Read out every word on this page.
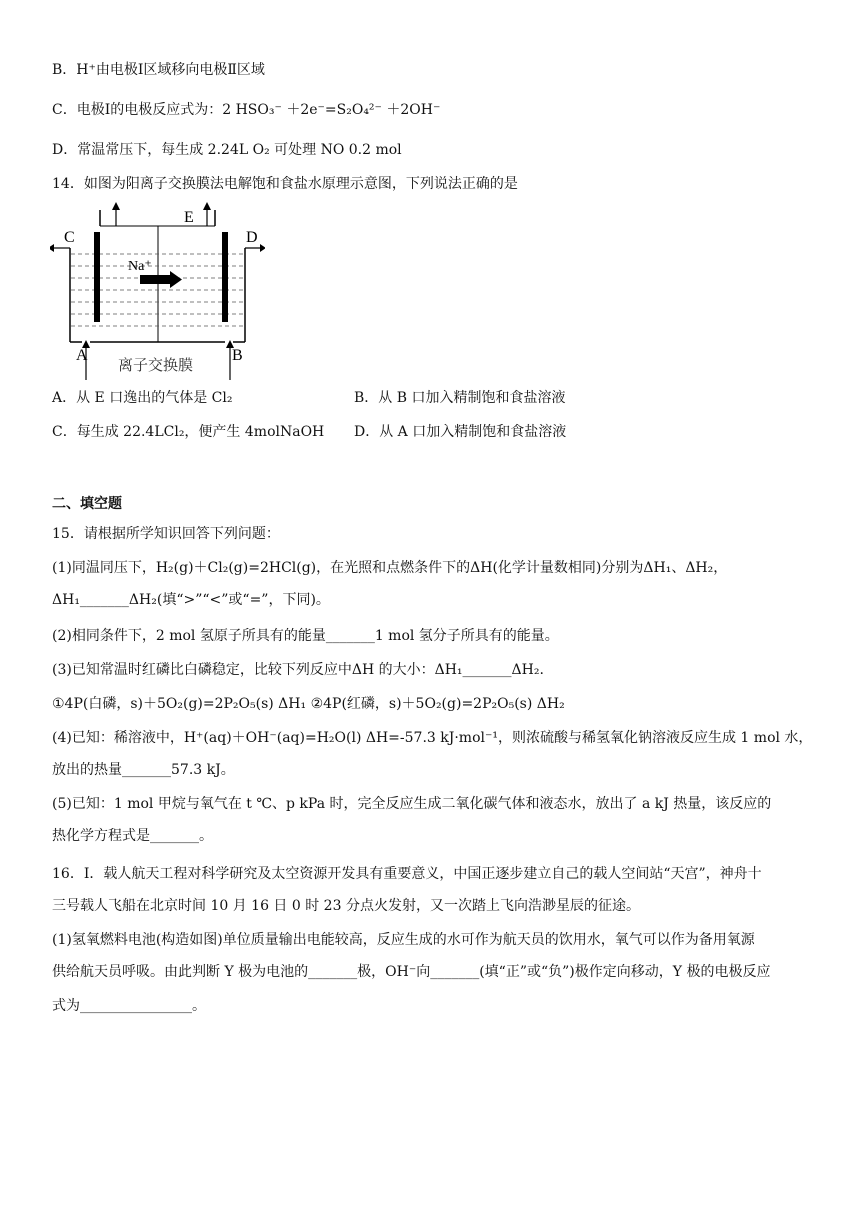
B．H⁺由电极Ⅰ区域移向电极Ⅱ区域
C．电极Ⅰ的电极反应式为：2 HSO₃⁻ ＋2e⁻=S₂O₄²⁻ ＋2OH⁻
D．常温常压下，每生成 2.24L O₂ 可处理 NO 0.2 mol
14．如图为阳离子交换膜法电解饱和食盐水原理示意图，下列说法正确的是
C	D
E
A	B
Na⁺
离子交换膜
A．从 E 口逸出的气体是 Cl₂	B．从 B 口加入精制饱和食盐溶液
C．每生成 22.4LCl₂，便产生 4molNaOH D．从 A 口加入精制饱和食盐溶液
二、填空题
15．请根据所学知识回答下列问题：
(1)同温同压下，H₂(g)＋Cl₂(g)=2HCl(g)，在光照和点燃条件下的ΔH(化学计量数相同)分别为ΔH₁、ΔH₂，
ΔH₁_______ΔH₂(填“>”“<”或“=”，下同)。
(2)相同条件下，2 mol 氢原子所具有的能量_______1 mol 氢分子所具有的能量。
(3)已知常温时红磷比白磷稳定，比较下列反应中ΔH 的大小：ΔH₁_______ΔH₂.
①4P(白磷，s)＋5O₂(g)=2P₂O₅(s) ΔH₁ ②4P(红磷，s)＋5O₂(g)=2P₂O₅(s) ΔH₂
(4)已知：稀溶液中，H⁺(aq)＋OH⁻(aq)=H₂O(l) ΔH=-57.3 kJ·mol⁻¹，则浓硫酸与稀氢氧化钠溶液反应生成 1 mol 水，
放出的热量_______57.3 kJ。
(5)已知：1 mol 甲烷与氧气在 t ℃、p kPa 时，完全反应生成二氧化碳气体和液态水，放出了 a kJ 热量，该反应的
热化学方程式是_______。
16．I．载人航天工程对科学研究及太空资源开发具有重要意义，中国正逐步建立自己的载人空间站“天宫”，神舟十
三号载人飞船在北京时间 10 月 16 日 0 时 23 分点火发射，又一次踏上飞向浩渺星辰的征途。
(1)氢氧燃料电池(构造如图)单位质量输出电能较高，反应生成的水可作为航天员的饮用水，氧气可以作为备用氧源
供给航天员呼吸。由此判断 Y 极为电池的_______极，OH⁻向_______(填“正”或“负”)极作定向移动，Y 极的电极反应
式为________________。
